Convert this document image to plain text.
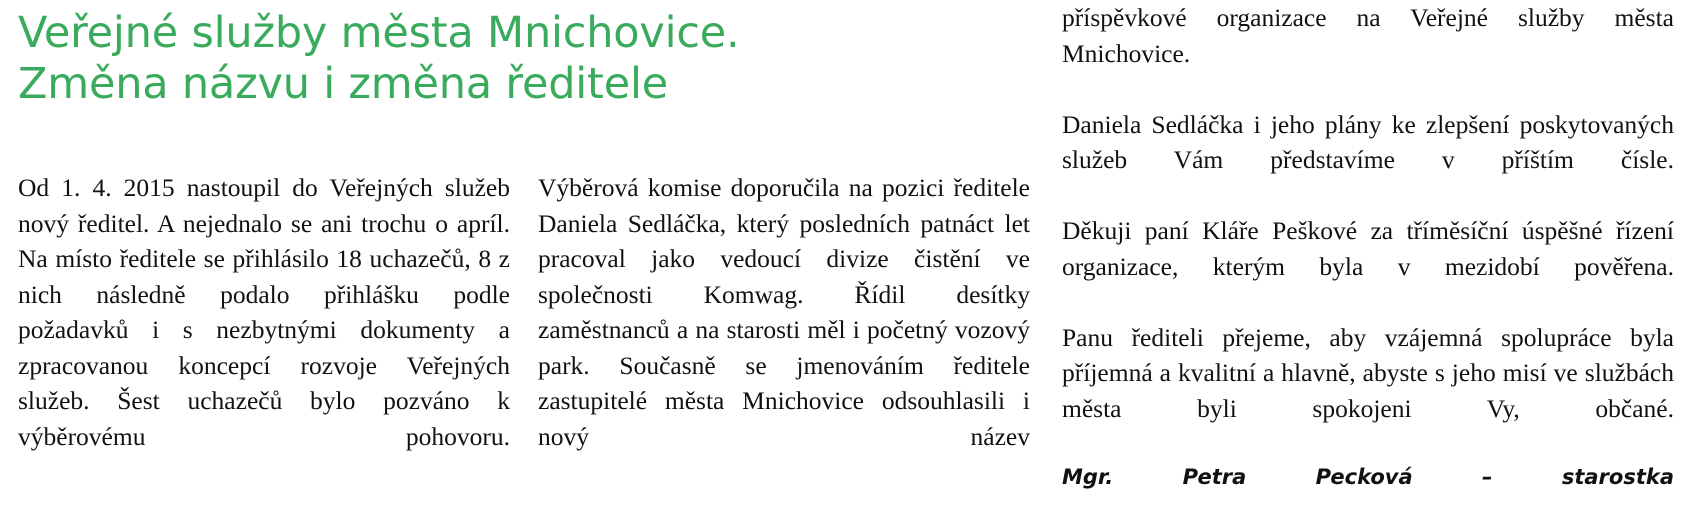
Veřejné služby města Mnichovice.
Změna názvu i změna ředitele

Od 1. 4. 2015 nastoupil do Veřejných služeb nový ředitel. A nejednalo se ani trochu o apríl. Na místo ředitele se přihlásilo 18 uchazečů, 8 z nich následně podalo přihlášku podle požadavků i s nezbytnými dokumenty a zpracovanou koncepcí rozvoje Veřejných služeb. Šest uchazečů bylo pozváno k výběrovému pohovoru.

Výběrová komise doporučila na pozici ředitele Daniela Sedláčka, který posledních patnáct let pracoval jako vedoucí divize čistění ve společnosti Komwag. Řídil desítky zaměstnanců a na starosti měl i početný vozový park. Současně se jmenováním ředitele zastupitelé města Mnichovice odsouhlasili i nový název

příspěvkové organizace na Veřejné služby města Mnichovice.

Daniela Sedláčka i jeho plány ke zlepšení poskytovaných služeb Vám představíme v příštím čísle.

Děkuji paní Kláře Peškové za tříměsíční úspěšné řízení organizace, kterým byla v mezidobí pověřena.

Panu řediteli přejeme, aby vzájemná spolupráce byla příjemná a kvalitní a hlavně, abyste s jeho misí ve službách města byli spokojeni Vy, občané.

Mgr. Petra Pecková – starostka
